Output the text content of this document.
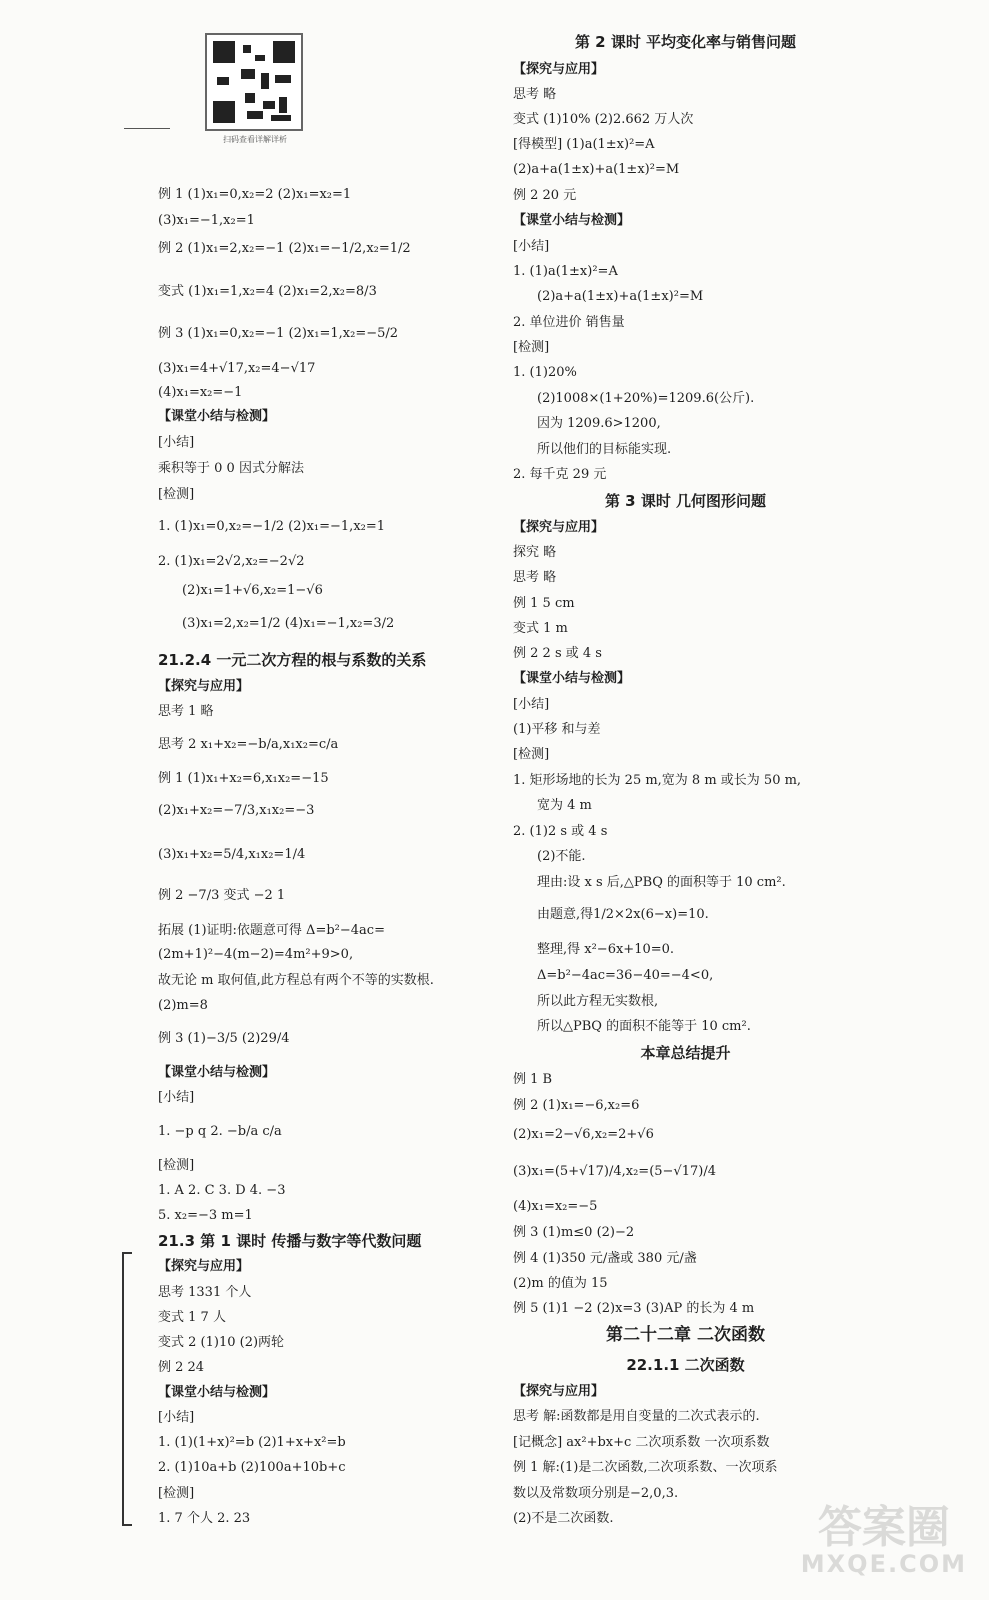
扫码查看详解详析
例 1 (1)x₁=0,x₂=2 (2)x₁=x₂=1
(3)x₁=−1,x₂=1
例 2 (1)x₁=2,x₂=−1 (2)x₁=−1/2,x₂=1/2
变式 (1)x₁=1,x₂=4 (2)x₁=2,x₂=8/3
例 3 (1)x₁=0,x₂=−1 (2)x₁=1,x₂=−5/2
(3)x₁=4+√17,x₂=4−√17
(4)x₁=x₂=−1
【课堂小结与检测】
[小结]
乘积等于 0 0 因式分解法
[检测]
1. (1)x₁=0,x₂=−1/2 (2)x₁=−1,x₂=1
2. (1)x₁=2√2,x₂=−2√2
(2)x₁=1+√6,x₂=1−√6
(3)x₁=2,x₂=1/2 (4)x₁=−1,x₂=3/2
21.2.4 一元二次方程的根与系数的关系
【探究与应用】
思考 1 略
思考 2 x₁+x₂=−b/a,x₁x₂=c/a
例 1 (1)x₁+x₂=6,x₁x₂=−15
(2)x₁+x₂=−7/3,x₁x₂=−3
(3)x₁+x₂=5/4,x₁x₂=1/4
例 2 −7/3 变式 −2 1
拓展 (1)证明:依题意可得 Δ=b²−4ac=
(2m+1)²−4(m−2)=4m²+9>0,
故无论 m 取何值,此方程总有两个不等的实数根.
(2)m=8
例 3 (1)−3/5 (2)29/4
【课堂小结与检测】
[小结]
1. −p q 2. −b/a c/a
[检测]
1. A 2. C 3. D 4. −3
5. x₂=−3 m=1
21.3 第 1 课时 传播与数字等代数问题
【探究与应用】
思考 1331 个人
变式 1 7 人
变式 2 (1)10 (2)两轮
例 2 24
【课堂小结与检测】
[小结]
1. (1)(1+x)²=b (2)1+x+x²=b
2. (1)10a+b (2)100a+10b+c
[检测]
1. 7 个人 2. 23
第 2 课时 平均变化率与销售问题
【探究与应用】
思考 略
变式 (1)10% (2)2.662 万人次
[得模型] (1)a(1±x)²=A
(2)a+a(1±x)+a(1±x)²=M
例 2 20 元
【课堂小结与检测】
[小结]
1. (1)a(1±x)²=A
(2)a+a(1±x)+a(1±x)²=M
2. 单位进价 销售量
[检测]
1. (1)20%
(2)1008×(1+20%)=1209.6(公斤).
因为 1209.6>1200,
所以他们的目标能实现.
2. 每千克 29 元
第 3 课时 几何图形问题
【探究与应用】
探究 略
思考 略
例 1 5 cm
变式 1 m
例 2 2 s 或 4 s
【课堂小结与检测】
[小结]
(1)平移 和与差
[检测]
1. 矩形场地的长为 25 m,宽为 8 m 或长为 50 m,
宽为 4 m
2. (1)2 s 或 4 s
(2)不能.
理由:设 x s 后,△PBQ 的面积等于 10 cm².
由题意,得1/2×2x(6−x)=10.
整理,得 x²−6x+10=0.
Δ=b²−4ac=36−40=−4<0,
所以此方程无实数根,
所以△PBQ 的面积不能等于 10 cm².
本章总结提升
例 1 B
例 2 (1)x₁=−6,x₂=6
(2)x₁=2−√6,x₂=2+√6
(3)x₁=(5+√17)/4,x₂=(5−√17)/4
(4)x₁=x₂=−5
例 3 (1)m≤0 (2)−2
例 4 (1)350 元/盏或 380 元/盏
(2)m 的值为 15
例 5 (1)1 −2 (2)x=3 (3)AP 的长为 4 m
第二十二章 二次函数
22.1.1 二次函数
【探究与应用】
思考 解:函数都是用自变量的二次式表示的.
[记概念] ax²+bx+c 二次项系数 一次项系数
例 1 解:(1)是二次函数,二次项系数、一次项系
数以及常数项分别是−2,0,3.
(2)不是二次函数.	答案圈
MXQE.COM
